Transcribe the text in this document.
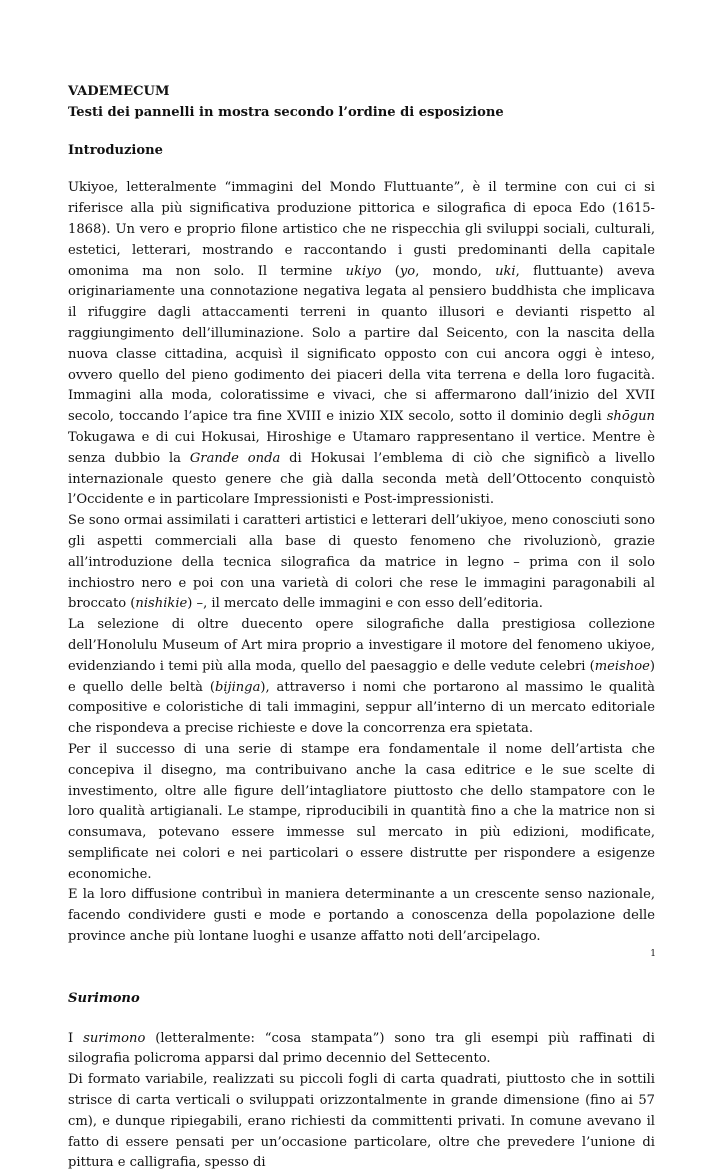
VADEMECUM
Testi dei pannelli in mostra secondo l’ordine di esposizione
Introduzione

Ukiyoe, letteralmente “immagini del Mondo Fluttuante”, è il termine con cui ci si riferisce alla più significativa produzione pittorica e silografica di epoca Edo (1615-1868). Un vero e proprio filone artistico che ne rispecchia gli sviluppi sociali, culturali, estetici, letterari, mostrando e raccontando i gusti predominanti della capitale omonima ma non solo. Il termine ukiyo (yo, mondo, uki, fluttuante) aveva originariamente una connotazione negativa legata al pensiero buddhista che implicava il rifuggire dagli attaccamenti terreni in quanto illusori e devianti rispetto al raggiungimento dell’illuminazione. Solo a partire dal Seicento, con la nascita della nuova classe cittadina, acquisì il significato opposto con cui ancora oggi è inteso, ovvero quello del pieno godimento dei piaceri della vita terrena e della loro fugacità. Immagini alla moda, coloratissime e vivaci, che si affermarono dall’inizio del XVII secolo, toccando l’apice tra fine XVIII e inizio XIX secolo, sotto il dominio degli shōgun Tokugawa e di cui Hokusai, Hiroshige e Utamaro rappresentano il vertice. Mentre è senza dubbio la Grande onda di Hokusai l’emblema di ciò che significò a livello internazionale questo genere che già dalla seconda metà dell’Ottocento conquistò l’Occidente e in particolare Impressionisti e Post-impressionisti.

Se sono ormai assimilati i caratteri artistici e letterari dell’ukiyoe, meno conosciuti sono gli aspetti commerciali alla base di questo fenomeno che rivoluzionò, grazie all’introduzione della tecnica silografica da matrice in legno – prima con il solo inchiostro nero e poi con una varietà di colori che rese le immagini paragonabili al broccato (nishikie) –, il mercato delle immagini e con esso dell’editoria.

La selezione di oltre duecento opere silografiche dalla prestigiosa collezione dell’Honolulu Museum of Art mira proprio a investigare il motore del fenomeno ukiyoe, evidenziando i temi più alla moda, quello del paesaggio e delle vedute celebri (meishoe) e quello delle beltà (bijinga), attraverso i nomi che portarono al massimo le qualità compositive e coloristiche di tali immagini, seppur all’interno di un mercato editoriale che rispondeva a precise richieste e dove la concorrenza era spietata.

Per il successo di una serie di stampe era fondamentale il nome dell’artista che concepiva il disegno, ma contribuivano anche la casa editrice e le sue scelte di investimento, oltre alle figure dell’intagliatore piuttosto che dello stampatore con le loro qualità artigianali. Le stampe, riproducibili in quantità fino a che la matrice non si consumava, potevano essere immesse sul mercato in più edizioni, modificate, semplificate nei colori e nei particolari o essere distrutte per rispondere a esigenze economiche.

E la loro diffusione contribuì in maniera determinante a un crescente senso nazionale, facendo condividere gusti e mode e portando a conoscenza della popolazione delle province anche più lontane luoghi e usanze affatto noti dell’arcipelago.

Surimono

I surimono (letteralmente: “cosa stampata”) sono tra gli esempi più raffinati di silografia policroma apparsi dal primo decennio del Settecento.

Di formato variabile, realizzati su piccoli fogli di carta quadrati, piuttosto che in sottili strisce di carta verticali o sviluppati orizzontalmente in grande dimensione (fino ai 57 cm), e dunque ripiegabili, erano richiesti da committenti privati. In comune avevano il fatto di essere pensati per un’occasione particolare, oltre che prevedere l’unione di pittura e calligrafia, spesso di

1
